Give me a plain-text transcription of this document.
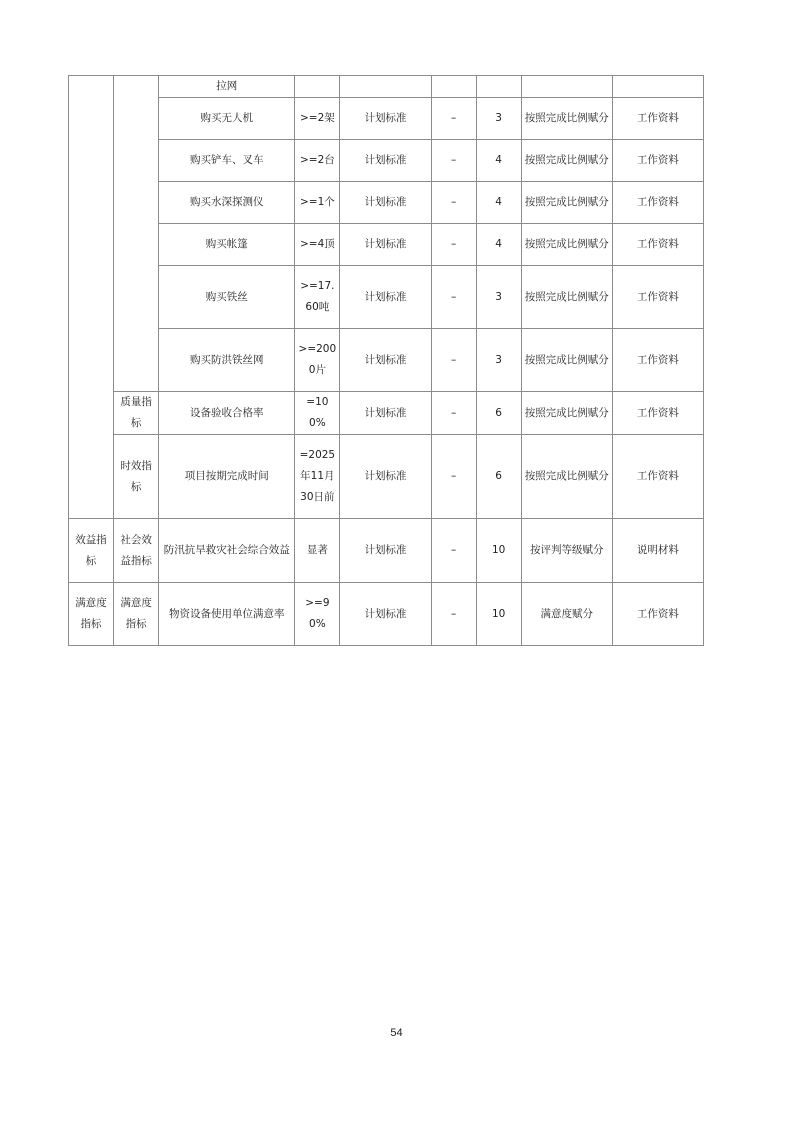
		拉网						
		购买无人机	>=2架	计划标准	–	3	按照完成比例赋分	工作资料
		购买铲车、叉车	>=2台	计划标准	–	4	按照完成比例赋分	工作资料
		购买水深探测仪	>=1个	计划标准	–	4	按照完成比例赋分	工作资料
		购买帐篷	>=4顶	计划标准	–	4	按照完成比例赋分	工作资料
		购买铁丝	>=17.60吨	计划标准	–	3	按照完成比例赋分	工作资料
		购买防洪铁丝网	>=2000片	计划标准	–	3	按照完成比例赋分	工作资料
	质量指标	设备验收合格率	=100%	计划标准	–	6	按照完成比例赋分	工作资料
	时效指标	项目按期完成时间	=2025年11月30日前	计划标准	–	6	按照完成比例赋分	工作资料
效益指标	社会效益指标	防汛抗旱救灾社会综合效益	显著	计划标准	–	10	按评判等级赋分	说明材料
满意度指标	满意度指标	物资设备使用单位满意率	>=90%	计划标准	–	10	满意度赋分	工作资料
54
